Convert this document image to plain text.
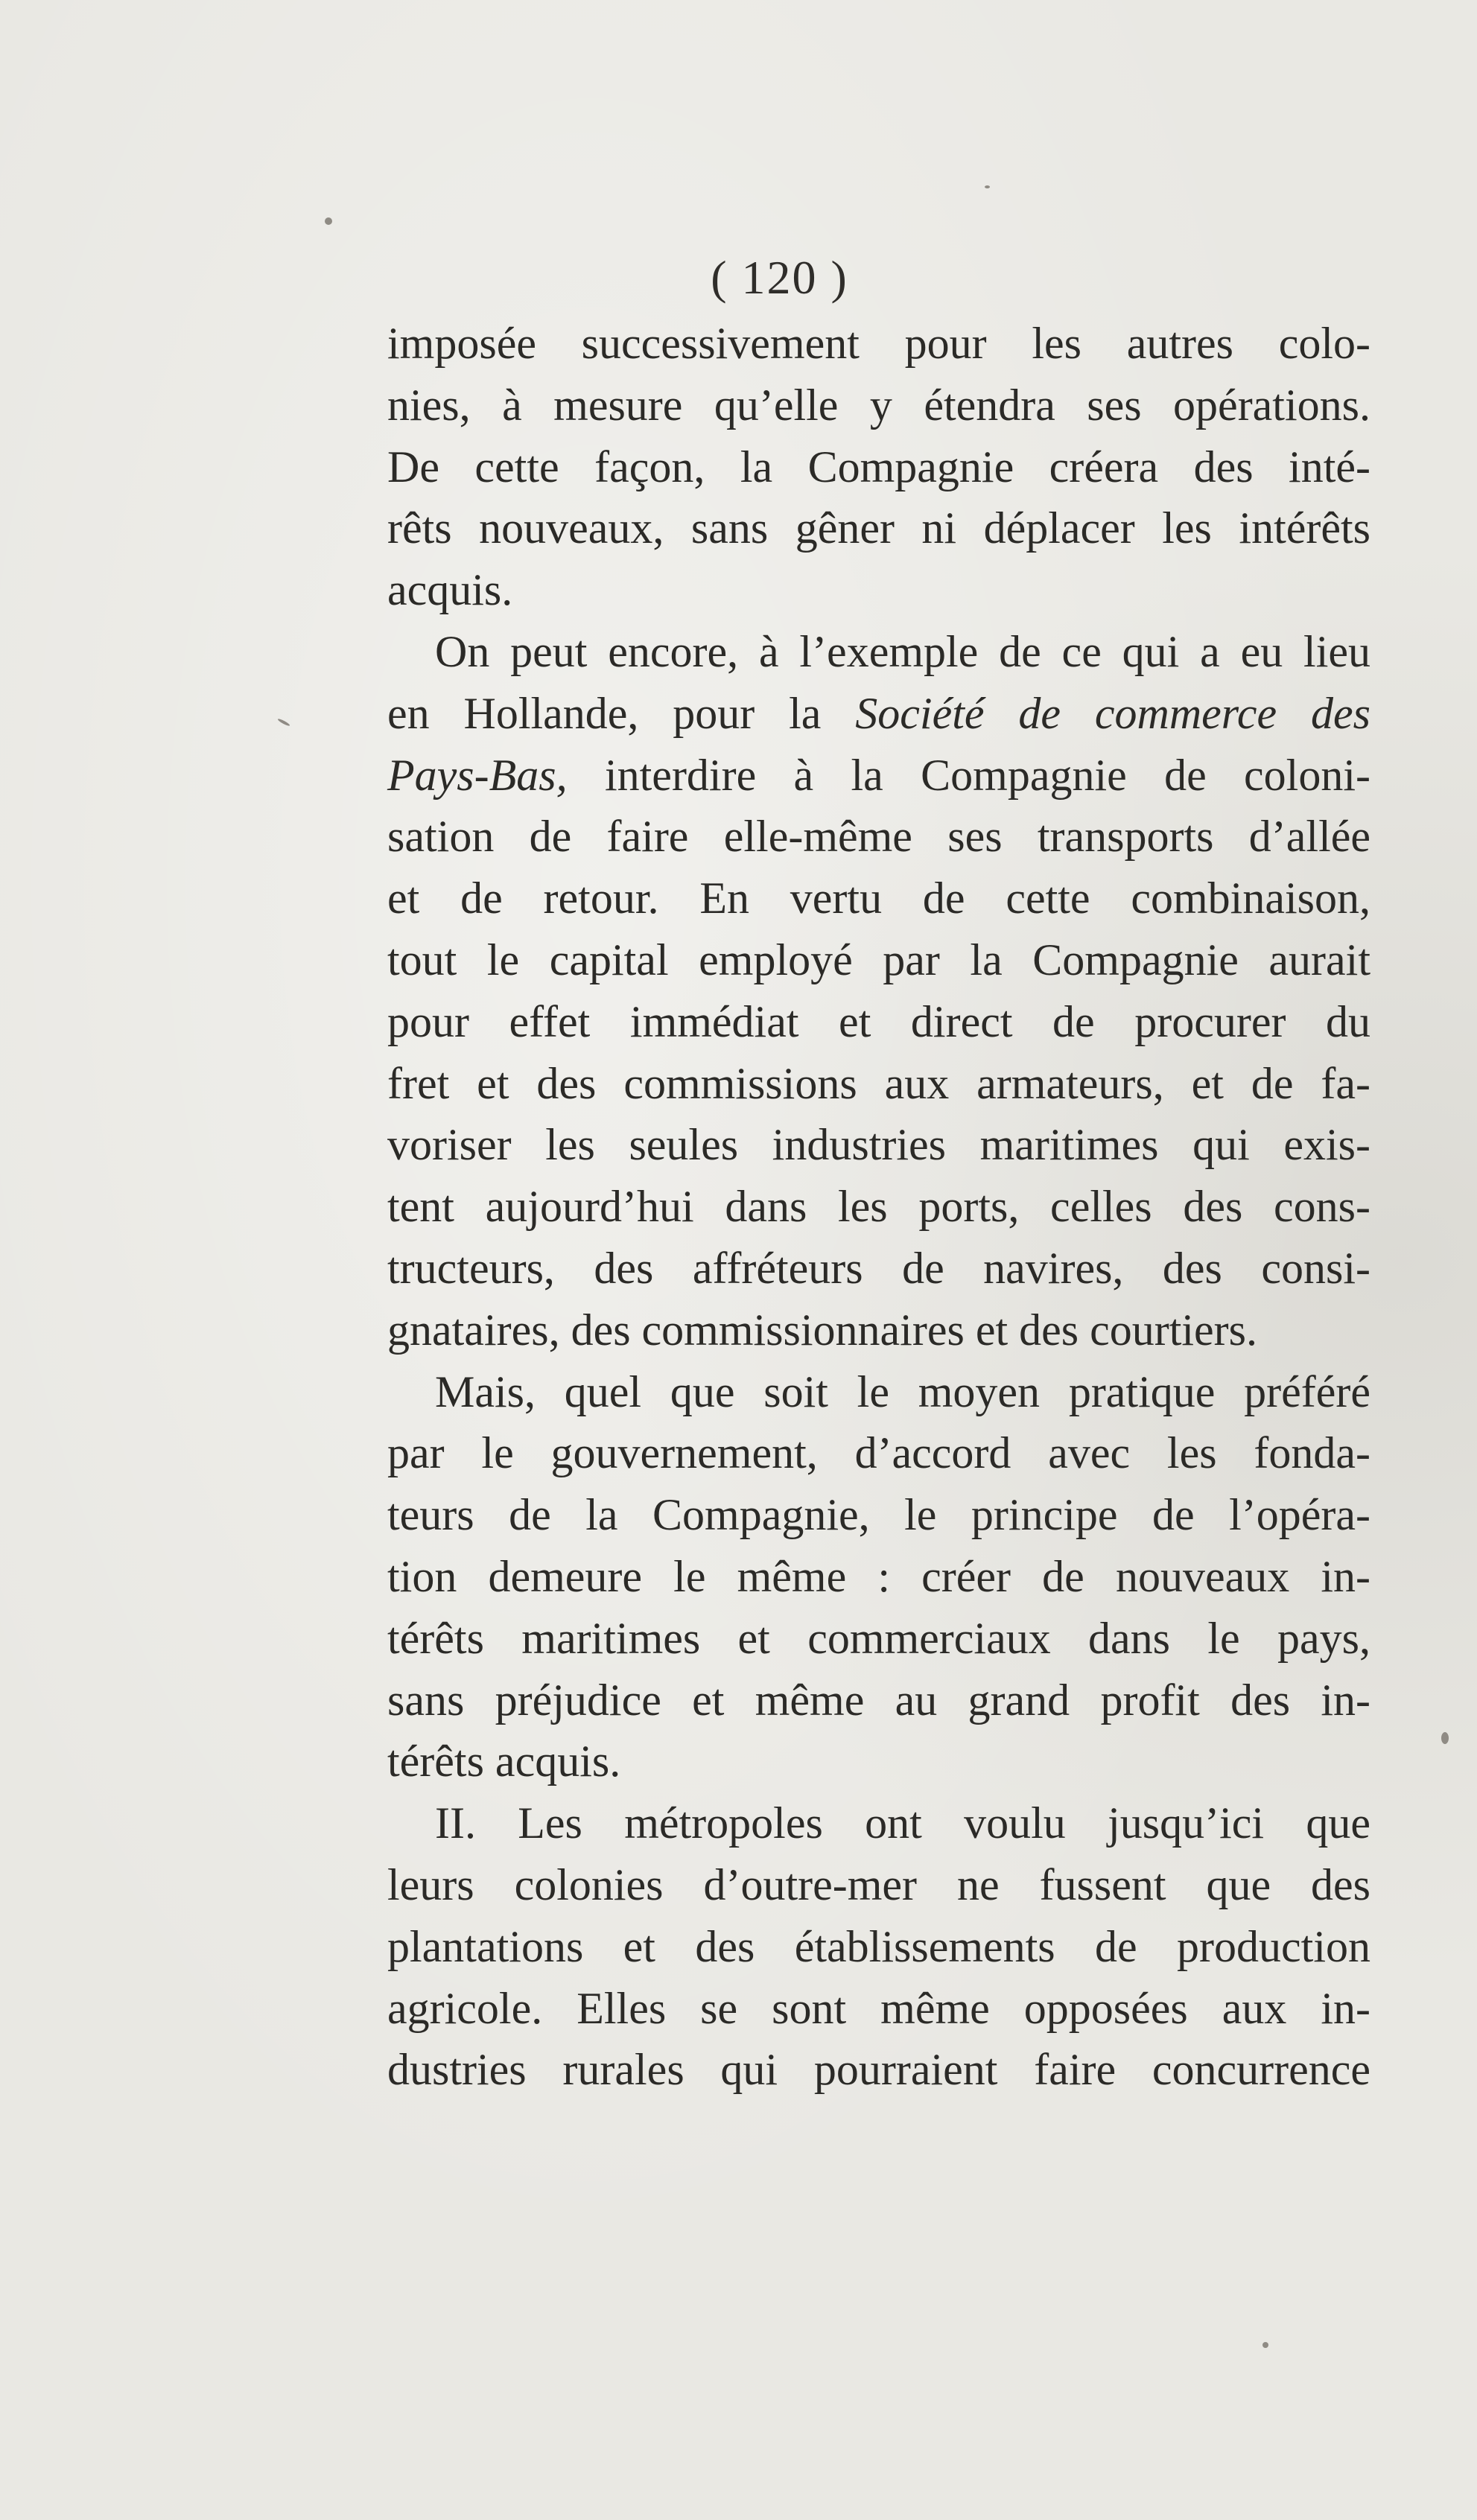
( 120 )
imposée successivement pour les autres colo-
nies, à mesure qu’elle y étendra ses opérations.
De cette façon, la Compagnie créera des inté-
rêts nouveaux, sans gêner ni déplacer les intérêts
acquis.
On peut encore, à l’exemple de ce qui a eu lieu
en Hollande, pour la Société de commerce des
Pays-Bas, interdire à la Compagnie de coloni-
sation de faire elle-même ses transports d’allée
et de retour. En vertu de cette combinaison,
tout le capital employé par la Compagnie aurait
pour effet immédiat et direct de procurer du
fret et des commissions aux armateurs, et de fa-
voriser les seules industries maritimes qui exis-
tent aujourd’hui dans les ports, celles des cons-
tructeurs, des affréteurs de navires, des consi-
gnataires, des commissionnaires et des courtiers.
Mais, quel que soit le moyen pratique préféré
par le gouvernement, d’accord avec les fonda-
teurs de la Compagnie, le principe de l’opéra-
tion demeure le même : créer de nouveaux in-
térêts maritimes et commerciaux dans le pays,
sans préjudice et même au grand profit des in-
térêts acquis.
II. Les métropoles ont voulu jusqu’ici que
leurs colonies d’outre-mer ne fussent que des
plantations et des établissements de production
agricole. Elles se sont même opposées aux in-
dustries rurales qui pourraient faire concurrence
